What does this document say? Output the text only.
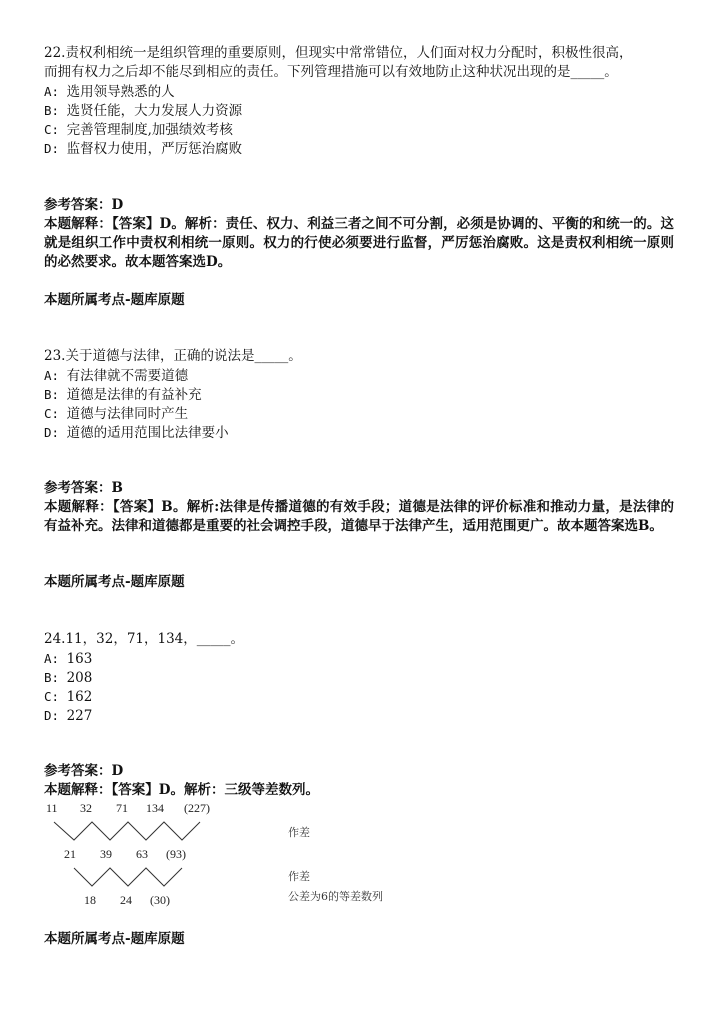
22.责权利相统一是组织管理的重要原则，但现实中常常错位，人们面对权力分配时，积极性很高，
而拥有权力之后却不能尽到相应的责任。下列管理措施可以有效地防止这种状况出现的是_____。
A: 选用领导熟悉的人
B: 选贤任能，大力发展人力资源
C: 完善管理制度,加强绩效考核
D: 监督权力使用，严厉惩治腐败
参考答案：D
本题解释：【答案】D。解析：责任、权力、利益三者之间不可分割，必须是协调的、平衡的和统一的。这就是组织工作中责权利相统一原则。权力的行使必须要进行监督，严厉惩治腐败。这是责权利相统一原则的必然要求。故本题答案选D。
本题所属考点-题库原题
23.关于道德与法律，正确的说法是_____。
A: 有法律就不需要道德
B: 道德是法律的有益补充
C: 道德与法律同时产生
D: 道德的适用范围比法律要小
参考答案：B
本题解释：【答案】B。解析:法律是传播道德的有效手段；道德是法律的评价标准和推动力量，是法律的有益补充。法律和道德都是重要的社会调控手段，道德早于法律产生，适用范围更广。故本题答案选B。
本题所属考点-题库原题
24.11，32，71，134，_____。
A: 163
B: 208
C: 162
D: 227
参考答案：D
本题解释：【答案】D。解析：三级等差数列。
11 32 71 134 (227)
21 39 63 (93)
18 24 (30)
作差
作差
公差为6的等差数列
本题所属考点-题库原题
